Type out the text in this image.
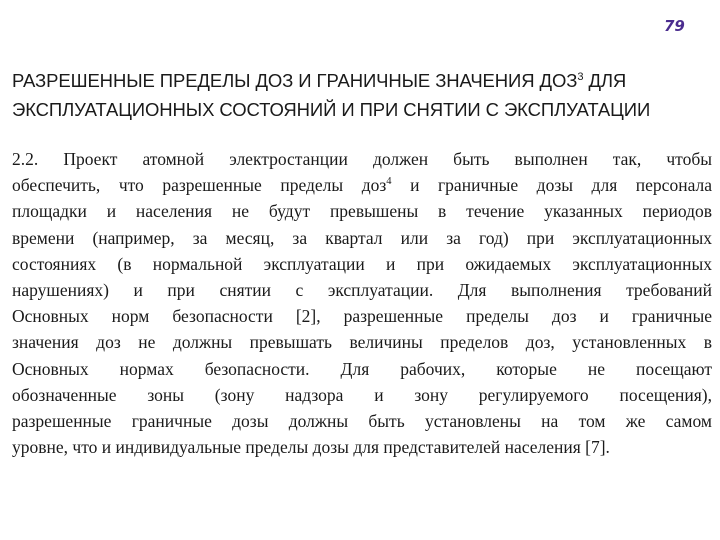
79
РАЗРЕШЕННЫЕ ПРЕДЕЛЫ ДОЗ И ГРАНИЧНЫЕ ЗНАЧЕНИЯ ДОЗ$^3$ ДЛЯ
ЭКСПЛУАТАЦИОННЫХ СОСТОЯНИЙ И ПРИ СНЯТИИ С ЭКСПЛУАТАЦИИ
2.2. Проект атомной электростанции должен быть выполнен так, чтобы
обеспечить, что разрешенные пределы доз$^4$ и граничные дозы для персонала
площадки и населения не будут превышены в течение указанных периодов
времени (например, за месяц, за квартал или за год) при эксплуатационных
состояниях (в нормальной эксплуатации и при ожидаемых эксплуатационных
нарушениях) и при снятии с эксплуатации. Для выполнения требований
Основных норм безопасности [2], разрешенные пределы доз и граничные
значения доз не должны превышать величины пределов доз, установленных в
Основных нормах безопасности. Для рабочих, которые не посещают
обозначенные зоны (зону надзора и зону регулируемого посещения),
разрешенные граничные дозы должны быть установлены на том же самом
уровне, что и индивидуальные пределы дозы для представителей населения [7].
